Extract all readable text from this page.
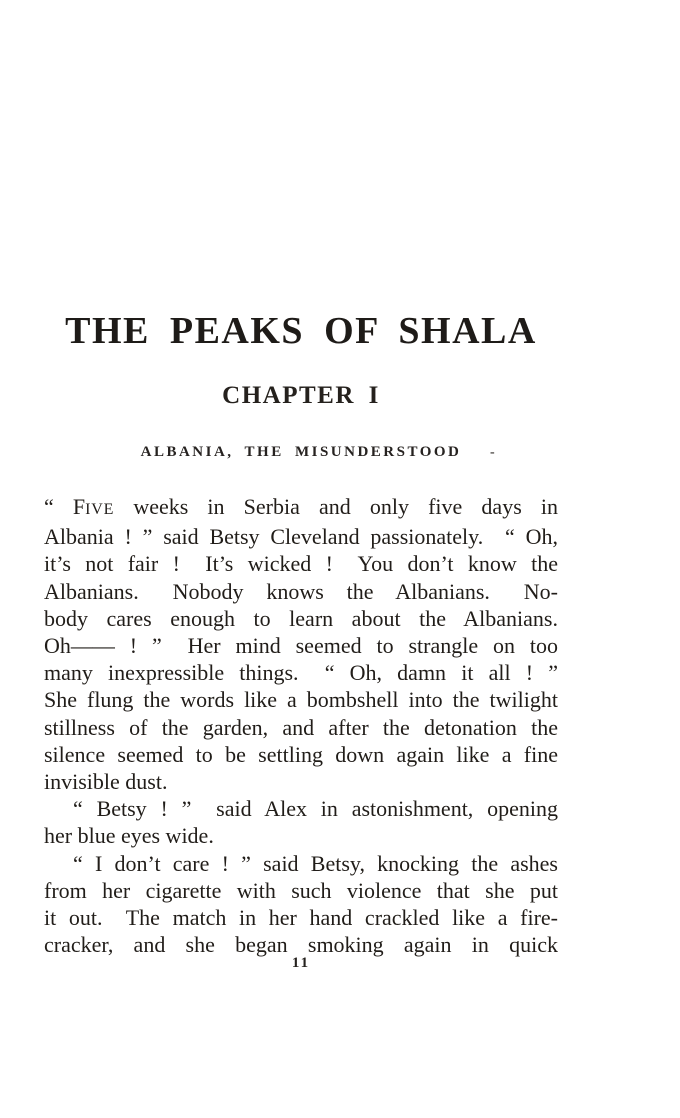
THE PEAKS OF SHALA
CHAPTER I
ALBANIA, THE MISUNDERSTOOD	-
“ FIVE weeks in Serbia and only five days in
Albania ! ” said Betsy Cleveland passionately.  “ Oh,
it’s not fair !  It’s wicked !  You don’t know the
Albanians.  Nobody knows the Albanians.  No-
body cares enough to learn about the Albanians.
Oh—— ! ”  Her mind seemed to strangle on too
many inexpressible things.  “ Oh, damn it all ! ”
She flung the words like a bombshell into the twilight
stillness of the garden, and after the detonation the
silence seemed to be settling down again like a fine
invisible dust.
“ Betsy ! ”  said Alex in astonishment, opening
her blue eyes wide.
“ I don’t care ! ” said Betsy, knocking the ashes
from her cigarette with such violence that she put
it out.  The match in her hand crackled like a fire-
cracker, and she began smoking again in quick
11
